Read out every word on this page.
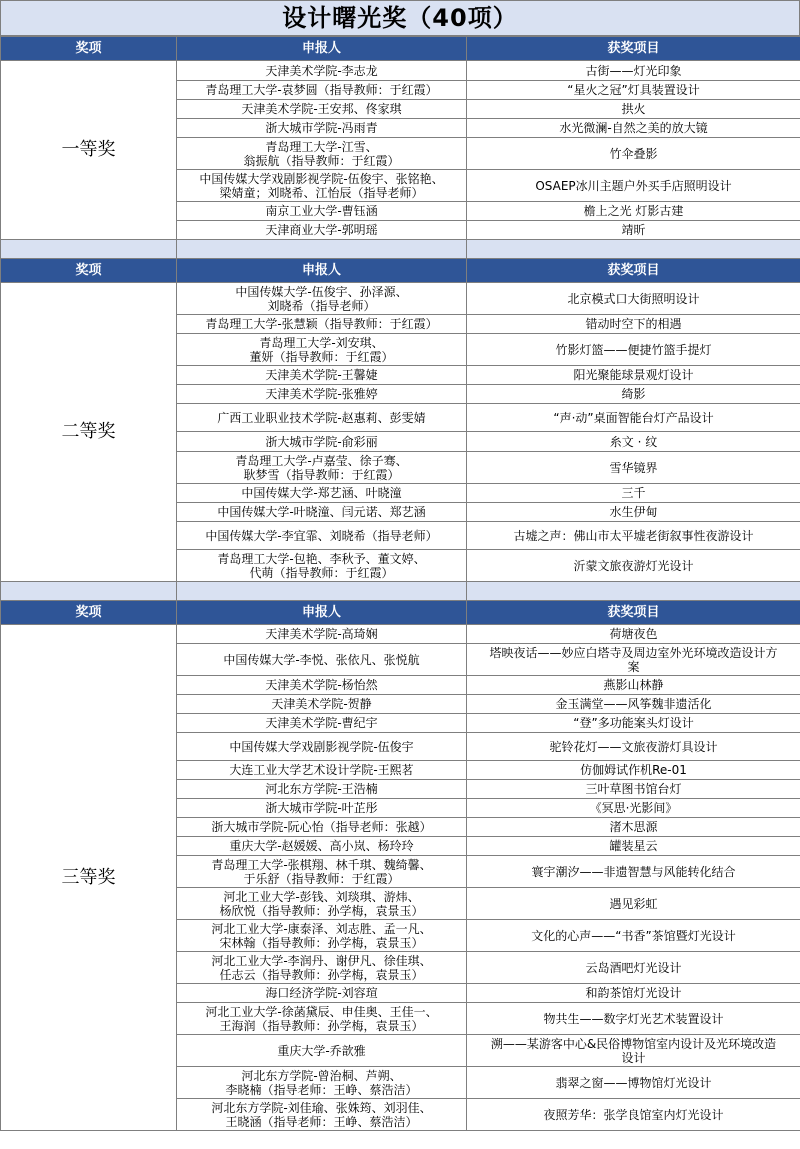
设计曙光奖（40项）
奖项	申报人	获奖项目
一等奖	天津美术学院-李志龙	古街——灯光印象
	青岛理工大学-袁梦圆（指导教师：于红霞）	“星火之冠”灯具装置设计
	天津美术学院-王安邦、佟家琪	拱火
	浙大城市学院-冯雨青	水光微澜-自然之美的放大镜
	青岛理工大学-江雪、
翁振航（指导教师：于红霞）	竹伞叠影
	中国传媒大学戏剧影视学院-伍俊宇、张铭艳、
梁婧童；刘晓希、江怡辰（指导老师）	OSAEP冰川主题户外买手店照明设计
	南京工业大学-曹钰涵	檐上之光 灯影古建
	天津商业大学-郭明瑶	靖昕

奖项	申报人	获奖项目
二等奖	中国传媒大学-伍俊宇、孙泽源、
刘晓希（指导老师）	北京模式口大街照明设计
	青岛理工大学-张慧颖（指导教师：于红霞）	错动时空下的相遇
	青岛理工大学-刘安琪、
董妍（指导教师：于红霞）	竹影灯篮——便捷竹篮手提灯
	天津美术学院-王馨婕	阳光聚能球景观灯设计
	天津美术学院-张雅婷	绮影
	广西工业职业技术学院-赵惠莉、彭雯婧	“声·动”桌面智能台灯产品设计
	浙大城市学院-俞彩丽	糸文 · 纹
	青岛理工大学-卢嘉莹、徐子骞、
耿梦雪（指导教师：于红霞）	雪华镜界
	中国传媒大学-郑艺涵、叶晓潼	三千
	中国传媒大学-叶晓潼、闫元诺、郑艺涵	水生伊甸
	中国传媒大学-李宜霏、刘晓希（指导老师）	古墟之声：佛山市太平墟老街叙事性夜游设计
	青岛理工大学-包艳、李秋予、董文婷、
代萌（指导教师：于红霞）	沂蒙文旅夜游灯光设计

奖项	申报人	获奖项目
三等奖	天津美术学院-高琦娴	荷塘夜色
	中国传媒大学-李悦、张依凡、张悦航	塔映夜话——妙应白塔寺及周边室外光环境改造设计方
案
	天津美术学院-杨怡然	燕影山林静
	天津美术学院-贺静	金玉满堂——风筝魏非遗活化
	天津美术学院-曹纪宇	“登”多功能案头灯设计
	中国传媒大学戏剧影视学院-伍俊宇	驼铃花灯——文旅夜游灯具设计
	大连工业大学艺术设计学院-王熙茗	仿伽姆试作机Re-01
	河北东方学院-王浩楠	三叶草图书馆台灯
	浙大城市学院-叶芷彤	《冥思·光影间》
	浙大城市学院-阮心怡（指导老师：张越）	渚木思源
	重庆大学-赵媛媛、高小岚、杨玲玲	罐装星云
	青岛理工大学-张棋翔、林千琪、魏绮馨、
于乐舒（指导教师：于红霞）	寰宇潮汐——非遗智慧与风能转化结合
	河北工业大学-彭钱、刘琰琪、游炜、
杨欣悦（指导教师：孙学梅，袁景玉）	遇见彩虹
	河北工业大学-康泰泽、刘志胜、孟一凡、
宋林翰（指导教师：孙学梅，袁景玉）	文化的心声——“书香”茶馆暨灯光设计
	河北工业大学-李润丹、谢伊凡、徐佳琪、
任志云（指导教师：孙学梅，袁景玉）	云岛酒吧灯光设计
	海口经济学院-刘容瑄	和韵茶馆灯光设计
	河北工业大学-徐菡黛辰、申佳奥、王佳一、
王海润（指导教师：孙学梅，袁景玉）	物共生——数字灯光艺术装置设计
	重庆大学-乔歆雅	溯——某游客中心&民俗博物馆室内设计及光环境改造
设计
	河北东方学院-曾治桐、芦朔、
李晓楠（指导老师：王峥、蔡浩洁）	翡翠之窗——博物馆灯光设计
	河北东方学院-刘佳瑜、张姝筠、刘羽佳、
王晓涵（指导老师：王峥、蔡浩洁）	夜照芳华：张学良馆室内灯光设计
